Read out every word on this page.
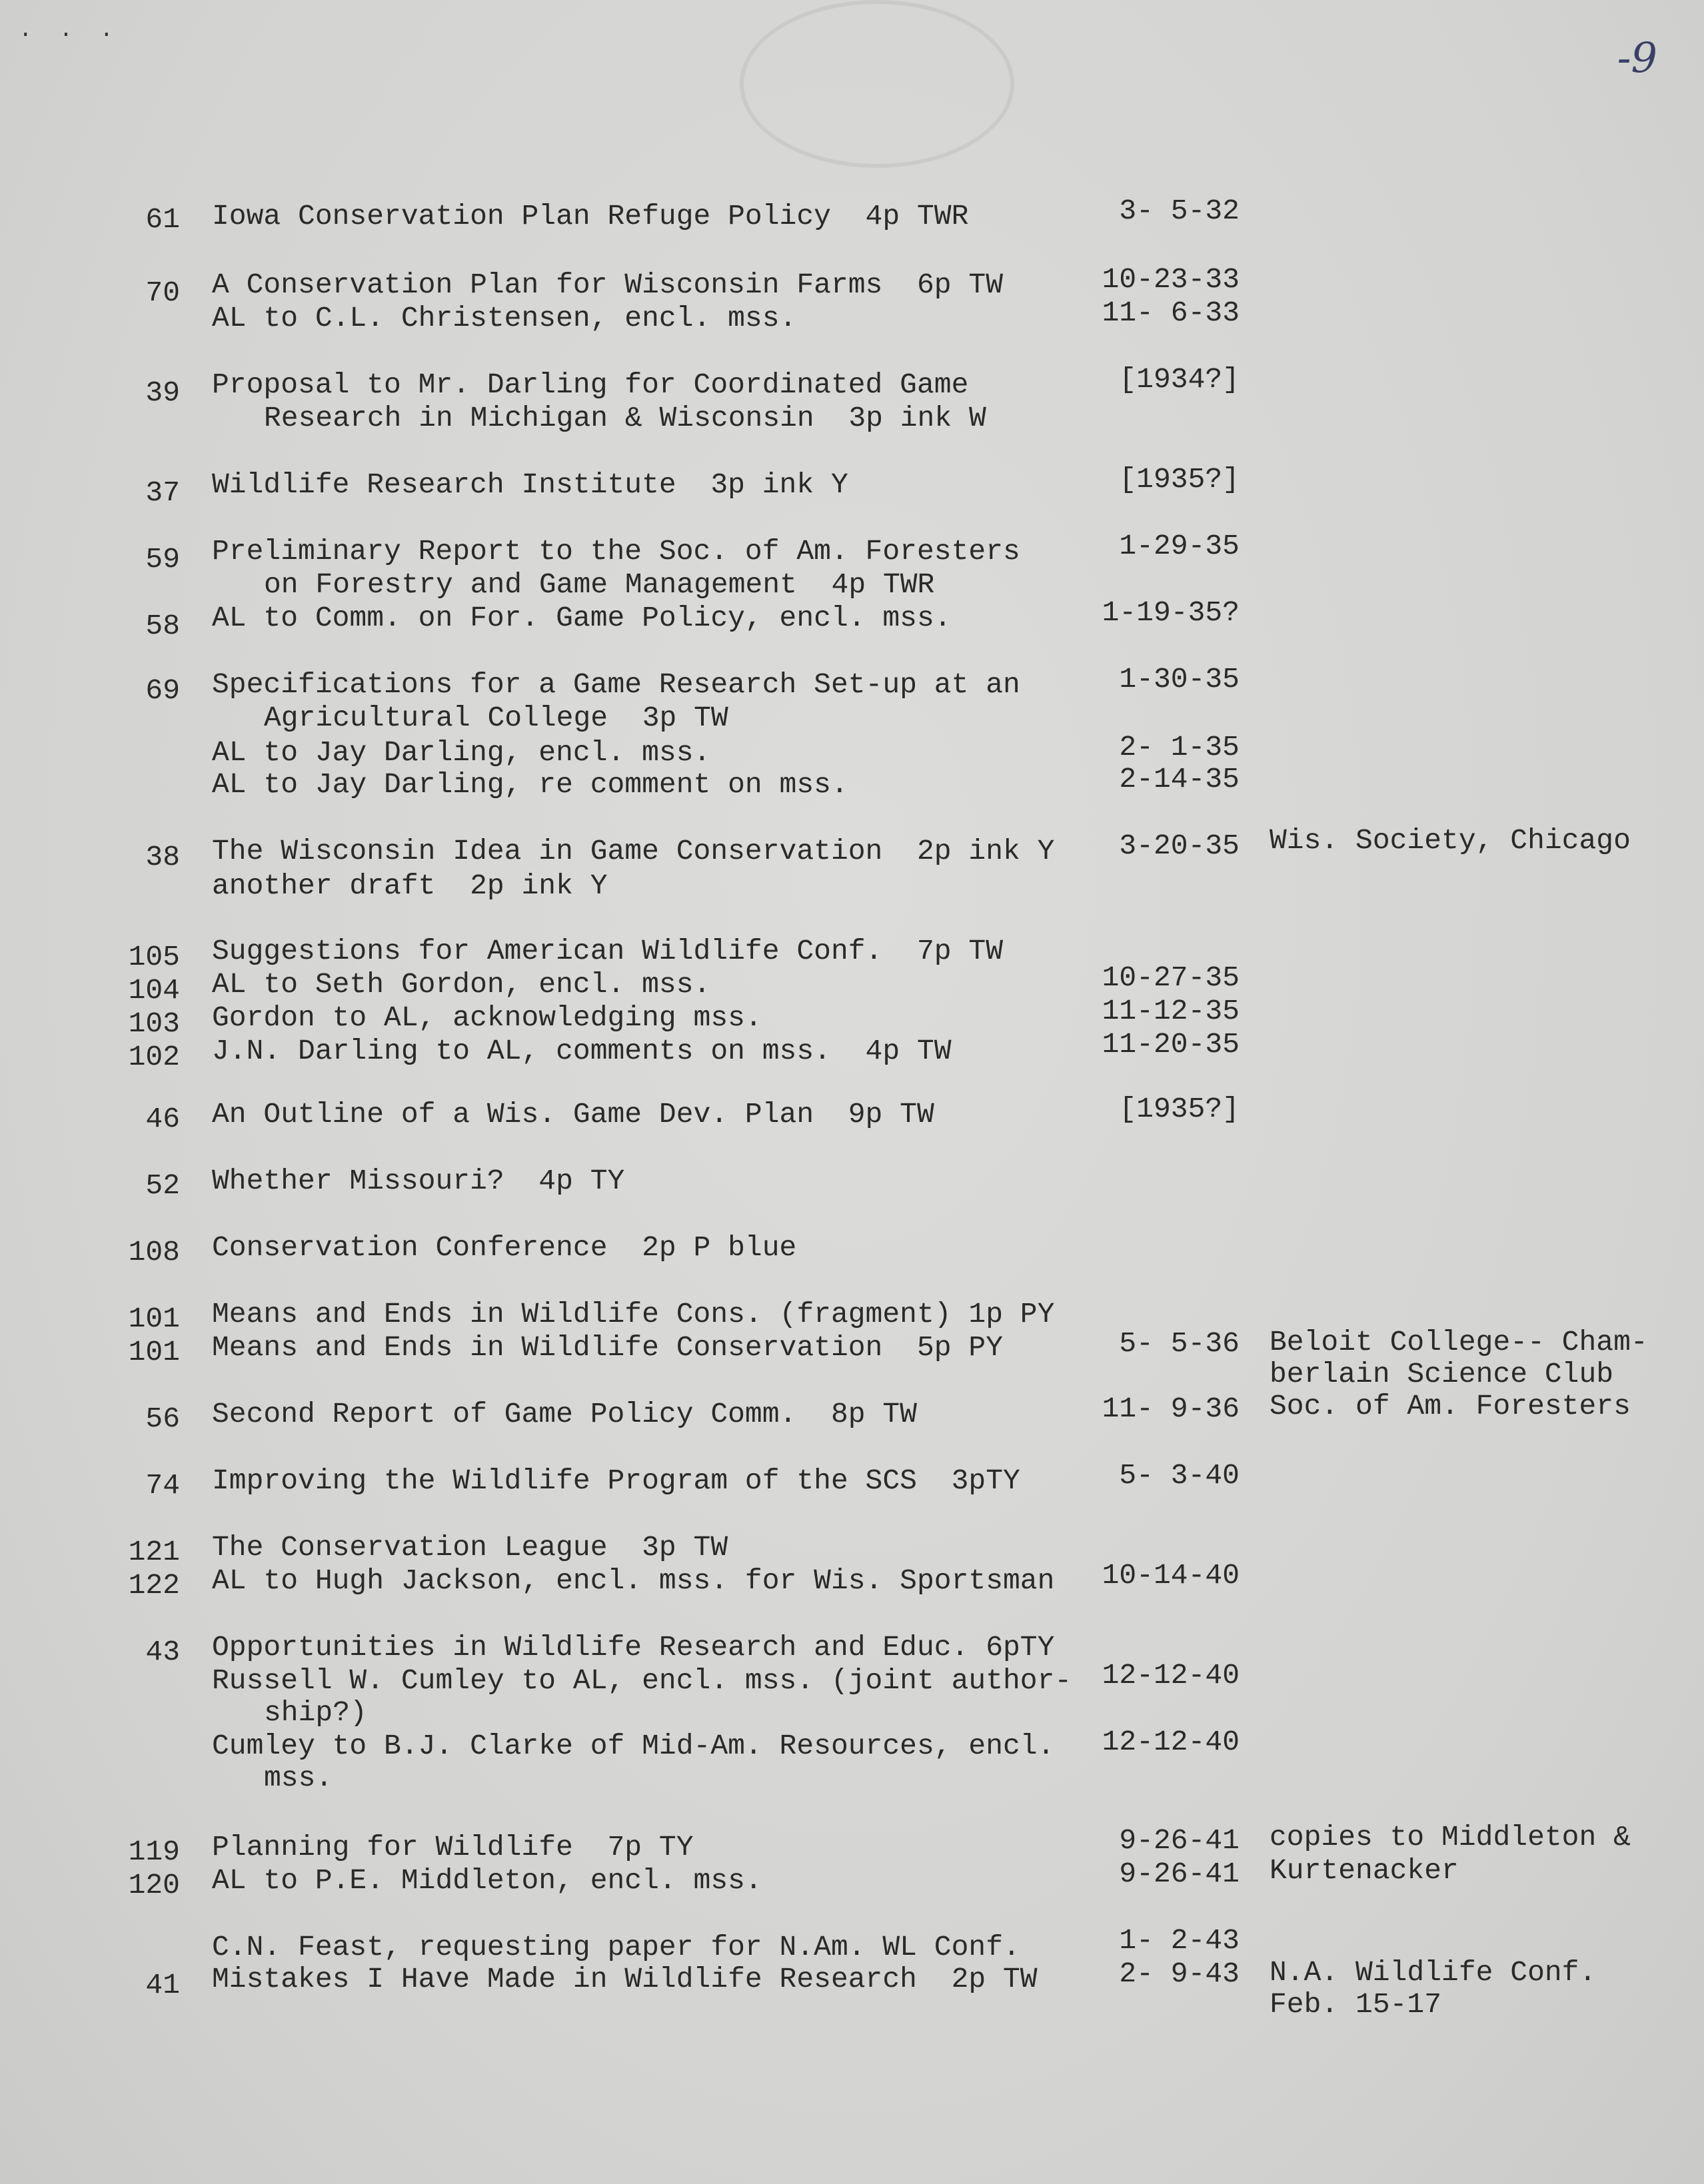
· · ·	-9
61 Iowa Conservation Plan Refuge Policy  4p TWR	3- 5-32
70 A Conservation Plan for Wisconsin Farms  6p TW	10-23-33
AL to C.L. Christensen, encl. mss.	11- 6-33
39 Proposal to Mr. Darling for Coordinated Game	[1934?]
Research in Michigan & Wisconsin  3p ink W
37 Wildlife Research Institute  3p ink Y	[1935?]
59 Preliminary Report to the Soc. of Am. Foresters	1-29-35
on Forestry and Game Management  4p TWR
58 AL to Comm. on For. Game Policy, encl. mss.	1-19-35?
69 Specifications for a Game Research Set-up at an	1-30-35
Agricultural College  3p TW
AL to Jay Darling, encl. mss.	2- 1-35
AL to Jay Darling, re comment on mss.	2-14-35
38 The Wisconsin Idea in Game Conservation  2p ink Y	3-20-35 Wis. Society, Chicago
another draft  2p ink Y
105 Suggestions for American Wildlife Conf.  7p TW
104 AL to Seth Gordon, encl. mss.	10-27-35
103 Gordon to AL, acknowledging mss.	11-12-35
102 J.N. Darling to AL, comments on mss.  4p TW	11-20-35
46 An Outline of a Wis. Game Dev. Plan  9p TW	[1935?]
52 Whether Missouri?  4p TY
108 Conservation Conference  2p P blue
101 Means and Ends in Wildlife Cons. (fragment) 1p PY
101 Means and Ends in Wildlife Conservation  5p PY	5- 5-36 Beloit College-- Cham-
berlain Science Club
56 Second Report of Game Policy Comm.  8p TW	11- 9-36 Soc. of Am. Foresters
74 Improving the Wildlife Program of the SCS  3pTY	5- 3-40
121 The Conservation League  3p TW
122 AL to Hugh Jackson, encl. mss. for Wis. Sportsman	10-14-40
43 Opportunities in Wildlife Research and Educ. 6pTY
Russell W. Cumley to AL, encl. mss. (joint author-	12-12-40
ship?)
Cumley to B.J. Clarke of Mid-Am. Resources, encl.	12-12-40
mss.
119 Planning for Wildlife  7p TY	9-26-41 copies to Middleton &
120 AL to P.E. Middleton, encl. mss.	9-26-41 Kurtenacker
C.N. Feast, requesting paper for N.Am. WL Conf.	1- 2-43
41 Mistakes I Have Made in Wildlife Research  2p TW	2- 9-43 N.A. Wildlife Conf.
Feb. 15-17
